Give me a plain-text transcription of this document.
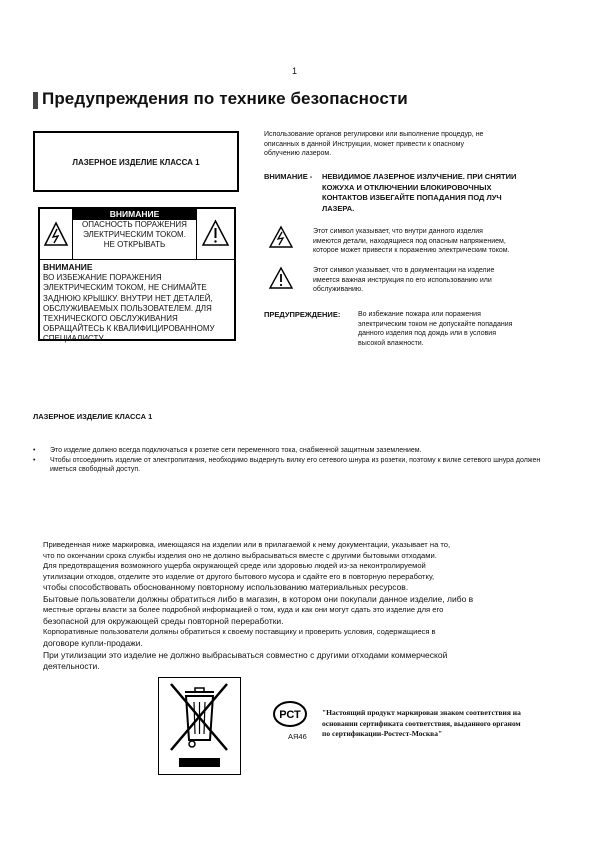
1
Предупреждения по технике безопасности
ЛАЗЕРНОЕ ИЗДЕЛИЕ КЛАССА 1
ВНИМАНИЕ
ОПАСНОСТЬ ПОРАЖЕНИЯ
ЭЛЕКТРИЧЕСКИМ ТОКОМ.
НЕ ОТКРЫВАТЬ
ВНИМАНИЕ
ВО ИЗБЕЖАНИЕ ПОРАЖЕНИЯ
ЭЛЕКТРИЧЕСКИМ ТОКОМ, НЕ СНИМАЙТЕ
ЗАДНЮЮ КРЫШКУ. ВНУТРИ НЕТ ДЕТАЛЕЙ,
ОБСЛУЖИВАЕМЫХ ПОЛЬЗОВАТЕЛЕМ. ДЛЯ
ТЕХНИЧЕСКОГО ОБСЛУЖИВАНИЯ
ОБРАЩАЙТЕСЬ К КВАЛИФИЦИРОВАННОМУ
СПЕЦИАЛИСТУ.
Использование органов регулировки или выполнение процедур, не
описанных в данной Инструкции, может привести к опасному
облучению лазером.
ВНИМАНИЕ - НЕВИДИМОЕ ЛАЗЕРНОЕ ИЗЛУЧЕНИЕ. ПРИ СНЯТИИ
КОЖУХА И ОТКЛЮЧЕНИИ БЛОКИРОВОЧНЫХ
КОНТАКТОВ ИЗБЕГАЙТЕ ПОПАДАНИЯ ПОД ЛУЧ
ЛАЗЕРА.
Этот символ указывает, что внутри данного изделия
имеются детали, находящиеся под опасным напряжением,
которое может привести к поражению электрическим током.
Этот символ указывает, что в документации на изделие
имеется важная инструкция по его использованию или
обслуживанию.
ПРЕДУПРЕЖДЕНИЕ:	Во избежание пожара или поражения
электрическим током не допускайте попадания
данного изделия под дождь или в условия
высокой влажности.
ЛАЗЕРНОЕ ИЗДЕЛИЕ КЛАССА 1
• Это изделие должно всегда подключаться к розетке сети переменного тока, снабженной защитным заземлением.
• Чтобы отсоединить изделие от электропитания, необходимо выдернуть вилку его сетевого шнура из розетки, поэтому к вилке сетевого шнура должен иметься свободный доступ.
Приведенная ниже маркировка, имеющаяся на изделии или в прилагаемой к нему документации, указывает на то,
что по окончании срока службы изделия оно не должно выбрасываться вместе с другими бытовыми отходами.
Для предотвращения возможного ущерба окружающей среде или здоровью людей из-за неконтролируемой
утилизации отходов, отделите это изделие от другого бытового мусора и сдайте его в повторную переработку,
чтобы способствовать обоснованному повторному использованию материальных ресурсов.
Бытовые пользователи должны обратиться либо в магазин, в котором они покупали данное изделие, либо в
местные органы власти за более подробной информацией о том, куда и как они могут сдать это изделие для его
безопасной для окружающей среды повторной переработки.
Корпоративные пользователи должны обратиться к своему поставщику и проверить условия, содержащиеся в
договоре купли-продажи.
При утилизации это изделие не должно выбрасываться совместно с другими отходами коммерческой
деятельности.
РСТ
АЯ46
"Настоящий продукт маркирован знаком соответствия на
основании сертификата соответствия, выданного органом
по сертификации-Ростест-Москва"
